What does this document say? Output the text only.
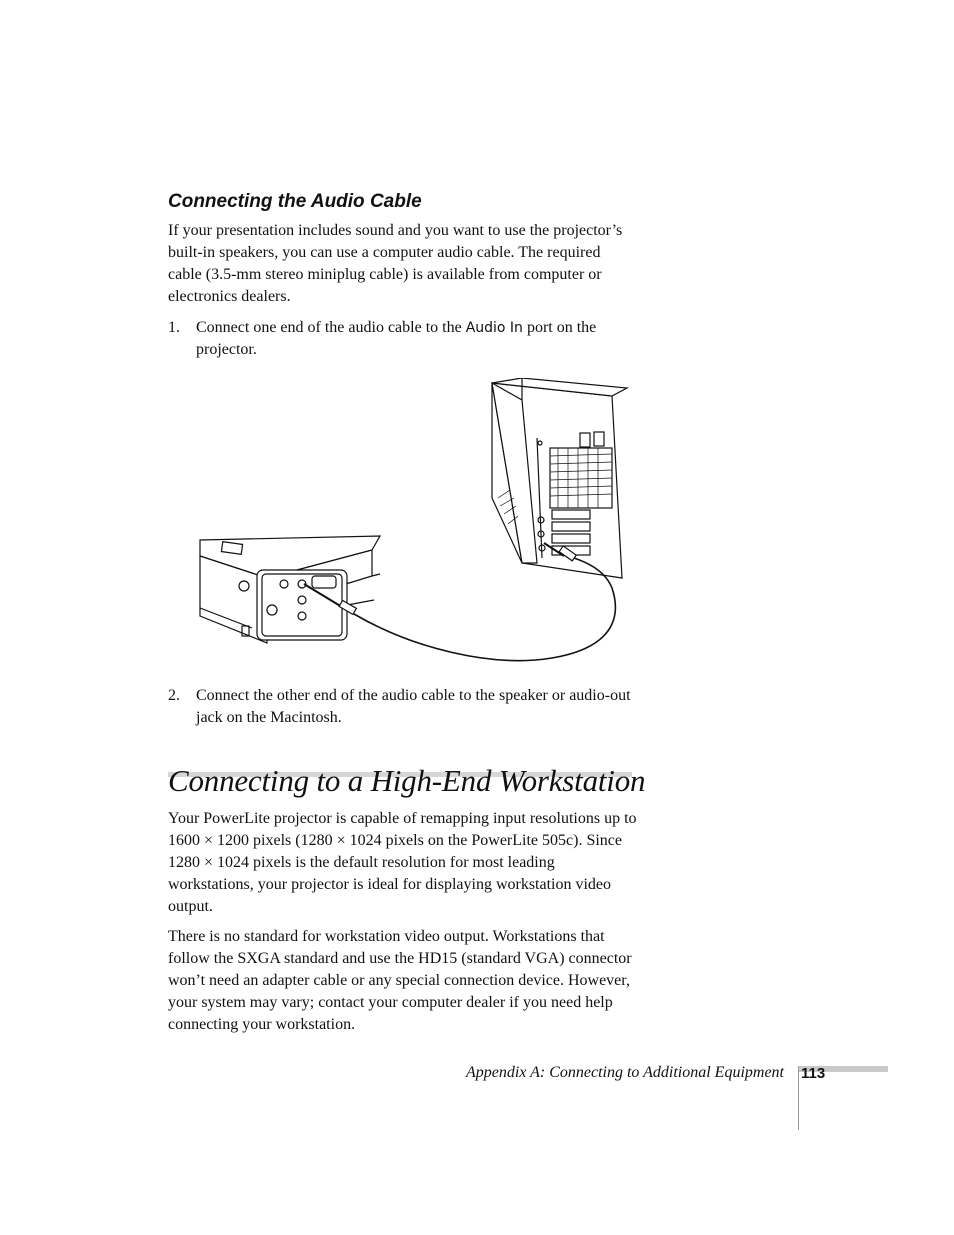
Connecting the Audio Cable

If your presentation includes sound and you want to use the projector’s built-in speakers, you can use a computer audio cable. The required cable (3.5-mm stereo miniplug cable) is available from computer or electronics dealers.

1. Connect one end of the audio cable to the Audio In port on the projector.
2. Connect the other end of the audio cable to the speaker or audio-out jack on the Macintosh.
Connecting to a High-End Workstation

Your PowerLite projector is capable of remapping input resolutions up to 1600 × 1200 pixels (1280 × 1024 pixels on the PowerLite 505c). Since 1280 × 1024 pixels is the default resolution for most leading workstations, your projector is ideal for displaying workstation video output.

There is no standard for workstation video output. Workstations that follow the SXGA standard and use the HD15 (standard VGA) connector won’t need an adapter cable or any special connection device. However, your system may vary; contact your computer dealer if you need help connecting your workstation.

Appendix A: Connecting to Additional Equipment 113
